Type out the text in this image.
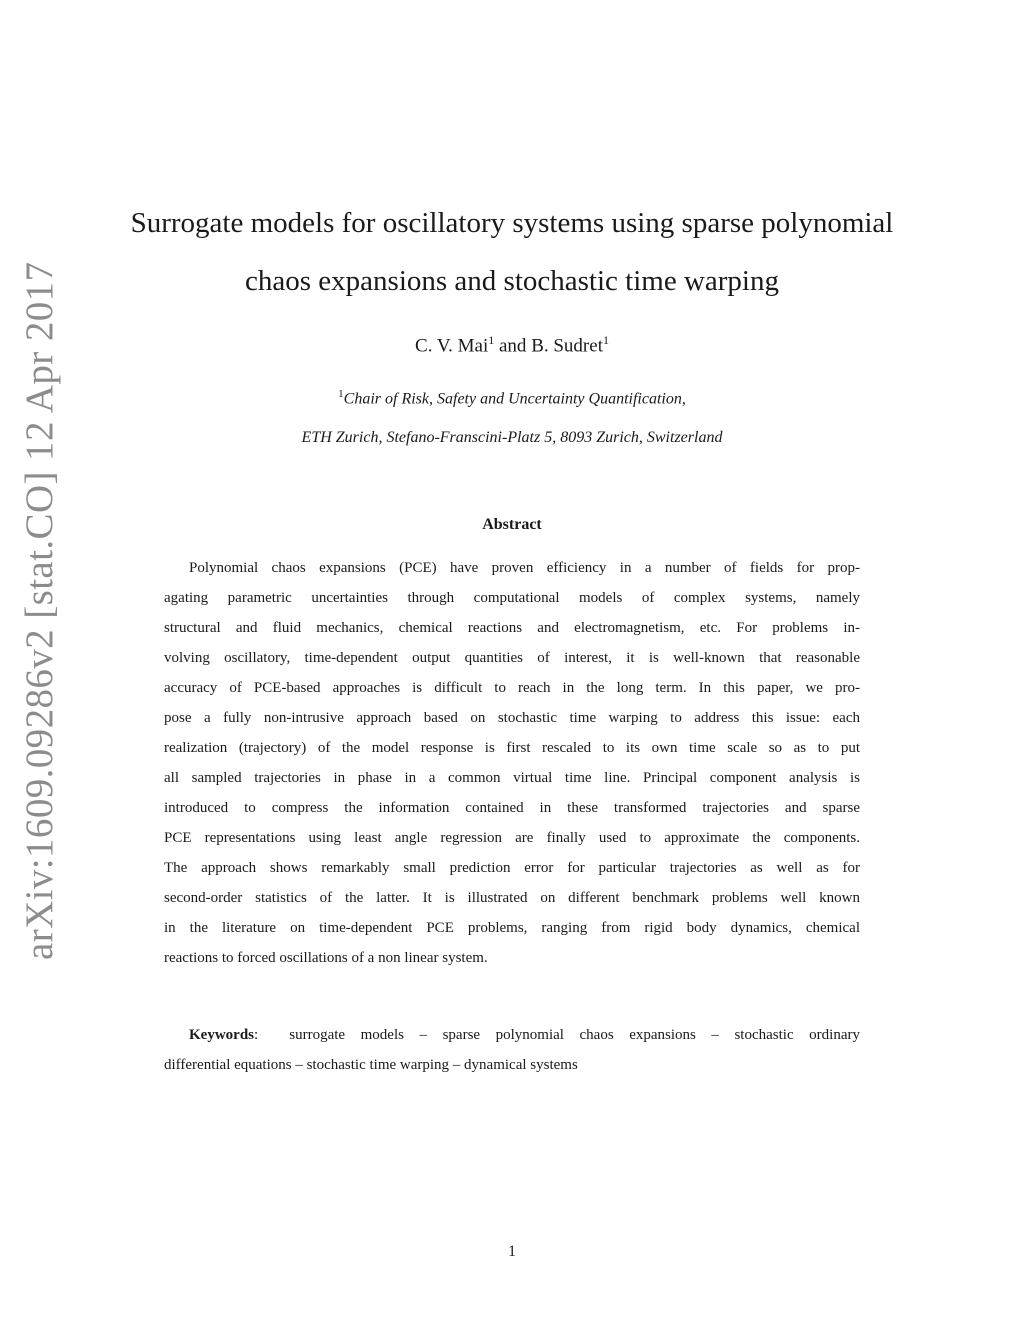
arXiv:1609.09286v2 [stat.CO] 12 Apr 2017
Surrogate models for oscillatory systems using sparse polynomial
chaos expansions and stochastic time warping
C. V. Mai$^1$ and B. Sudret$^1$
$^1$Chair of Risk, Safety and Uncertainty Quantification,
ETH Zurich, Stefano-Franscini-Platz 5, 8093 Zurich, Switzerland
Abstract
Polynomial chaos expansions (PCE) have proven efficiency in a number of fields for prop-
agating parametric uncertainties through computational models of complex systems, namely
structural and fluid mechanics, chemical reactions and electromagnetism, etc. For problems in-
volving oscillatory, time-dependent output quantities of interest, it is well-known that reasonable
accuracy of PCE-based approaches is difficult to reach in the long term. In this paper, we pro-
pose a fully non-intrusive approach based on stochastic time warping to address this issue: each
realization (trajectory) of the model response is first rescaled to its own time scale so as to put
all sampled trajectories in phase in a common virtual time line. Principal component analysis is
introduced to compress the information contained in these transformed trajectories and sparse
PCE representations using least angle regression are finally used to approximate the components.
The approach shows remarkably small prediction error for particular trajectories as well as for
second-order statistics of the latter. It is illustrated on different benchmark problems well known
in the literature on time-dependent PCE problems, ranging from rigid body dynamics, chemical
reactions to forced oscillations of a non linear system.
Keywords:  surrogate models – sparse polynomial chaos expansions – stochastic ordinary
differential equations – stochastic time warping – dynamical systems
1
